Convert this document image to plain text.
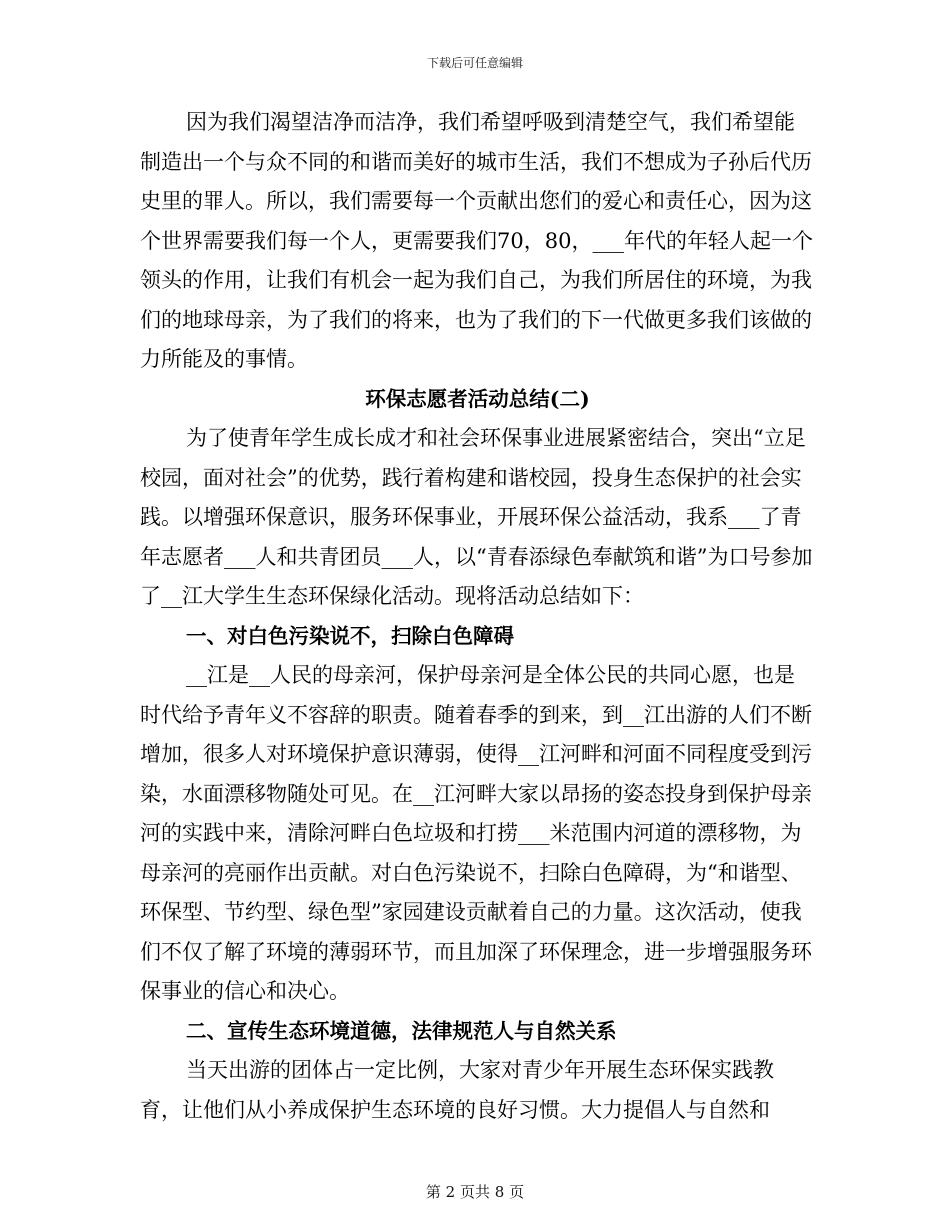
下载后可任意编辑

因为我们渴望洁净而洁净，我们希望呼吸到清楚空气，我们希望能制造出一个与众不同的和谐而美好的城市生活，我们不想成为子孙后代历史里的罪人。所以，我们需要每一个贡献出您们的爱心和责任心，因为这个世界需要我们每一个人，更需要我们70，80，___年代的年轻人起一个领头的作用，让我们有机会一起为我们自己，为我们所居住的环境，为我们的地球母亲，为了我们的将来，也为了我们的下一代做更多我们该做的力所能及的事情。

环保志愿者活动总结(二)

为了使青年学生成长成才和社会环保事业进展紧密结合，突出“立足校园，面对社会”的优势，践行着构建和谐校园，投身生态保护的社会实践。以增强环保意识，服务环保事业，开展环保公益活动，我系___了青年志愿者___人和共青团员___人，以“青春添绿色奉献筑和谐”为口号参加了__江大学生生态环保绿化活动。现将活动总结如下：

一、对白色污染说不，扫除白色障碍

__江是__人民的母亲河，保护母亲河是全体公民的共同心愿，也是时代给予青年义不容辞的职责。随着春季的到来，到__江出游的人们不断增加，很多人对环境保护意识薄弱，使得__江河畔和河面不同程度受到污染，水面漂移物随处可见。在__江河畔大家以昂扬的姿态投身到保护母亲河的实践中来，清除河畔白色垃圾和打捞___米范围内河道的漂移物，为母亲河的亮丽作出贡献。对白色污染说不，扫除白色障碍，为“和谐型、环保型、节约型、绿色型”家园建设贡献着自己的力量。这次活动，使我们不仅了解了环境的薄弱环节，而且加深了环保理念，进一步增强服务环保事业的信心和决心。

二、宣传生态环境道德，法律规范人与自然关系

当天出游的团体占一定比例，大家对青少年开展生态环保实践教育，让他们从小养成保护生态环境的良好习惯。大力提倡人与自然和

第 2 页共 8 页
